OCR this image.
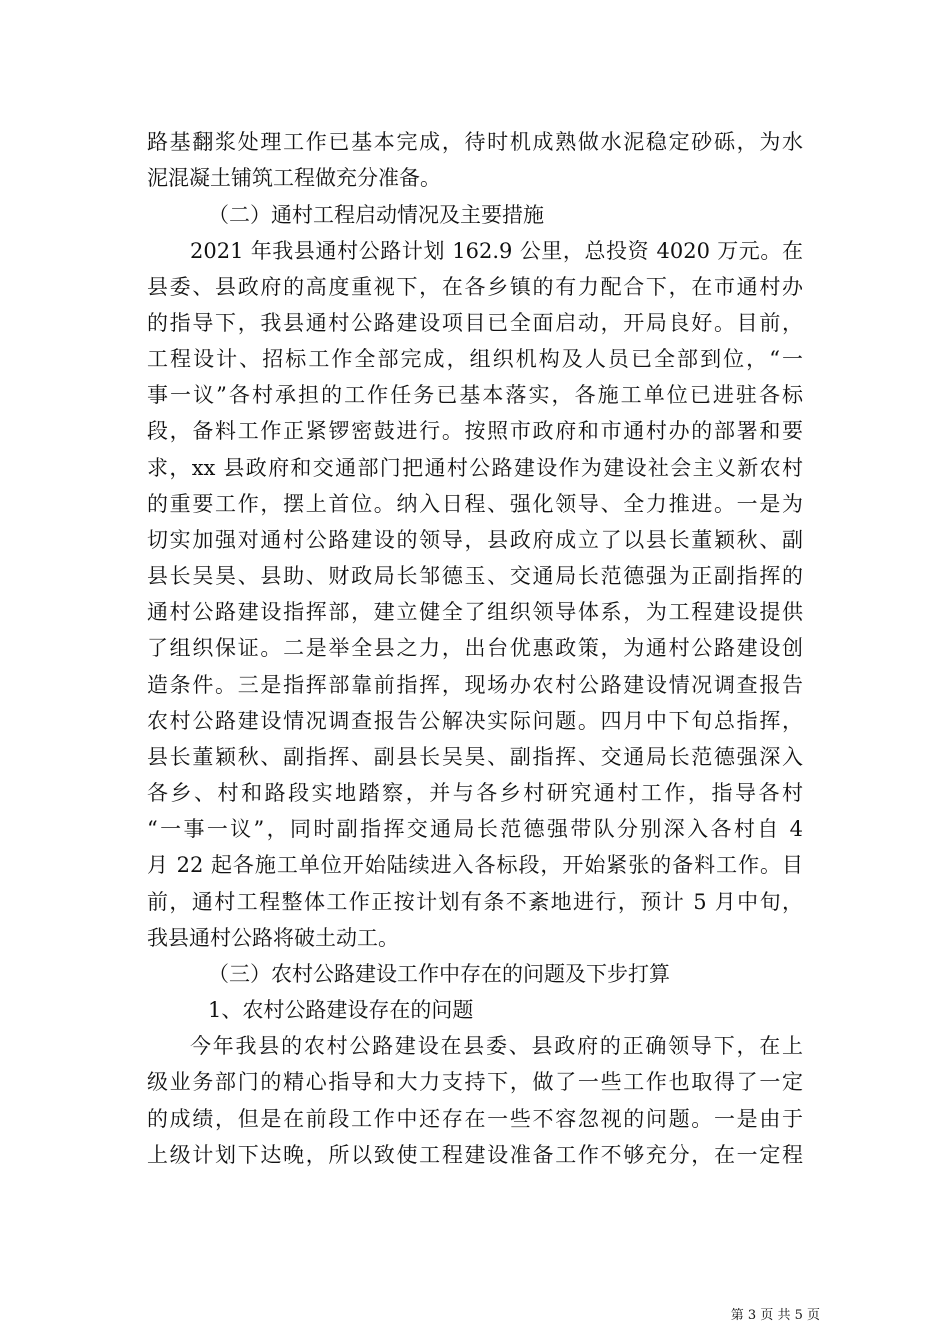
路基翻浆处理工作已基本完成，待时机成熟做水泥稳定砂砾，为水
泥混凝土铺筑工程做充分准备。
（二）通村工程启动情况及主要措施
2021 年我县通村公路计划 162.9 公里，总投资 4020 万元。在
县委、县政府的高度重视下，在各乡镇的有力配合下，在市通村办
的指导下，我县通村公路建设项目已全面启动，开局良好。目前，
工程设计、招标工作全部完成，组织机构及人员已全部到位，“一
事一议”各村承担的工作任务已基本落实，各施工单位已进驻各标
段，备料工作正紧锣密鼓进行。按照市政府和市通村办的部署和要
求，xx 县政府和交通部门把通村公路建设作为建设社会主义新农村
的重要工作，摆上首位。纳入日程、强化领导、全力推进。一是为
切实加强对通村公路建设的领导，县政府成立了以县长董颖秋、副
县长吴昊、县助、财政局长邹德玉、交通局长范德强为正副指挥的
通村公路建设指挥部，建立健全了组织领导体系，为工程建设提供
了组织保证。二是举全县之力，出台优惠政策，为通村公路建设创
造条件。三是指挥部靠前指挥，现场办农村公路建设情况调查报告
农村公路建设情况调查报告公解决实际问题。四月中下旬总指挥，
县长董颖秋、副指挥、副县长吴昊、副指挥、交通局长范德强深入
各乡、村和路段实地踏察，并与各乡村研究通村工作，指导各村
“一事一议”，同时副指挥交通局长范德强带队分别深入各村自 4
月 22 起各施工单位开始陆续进入各标段，开始紧张的备料工作。目
前，通村工程整体工作正按计划有条不紊地进行，预计 5 月中旬，
我县通村公路将破土动工。
（三）农村公路建设工作中存在的问题及下步打算
1、农村公路建设存在的问题
今年我县的农村公路建设在县委、县政府的正确领导下，在上
级业务部门的精心指导和大力支持下，做了一些工作也取得了一定
的成绩，但是在前段工作中还存在一些不容忽视的问题。一是由于
上级计划下达晚，所以致使工程建设准备工作不够充分，在一定程
第 3 页 共 5 页
